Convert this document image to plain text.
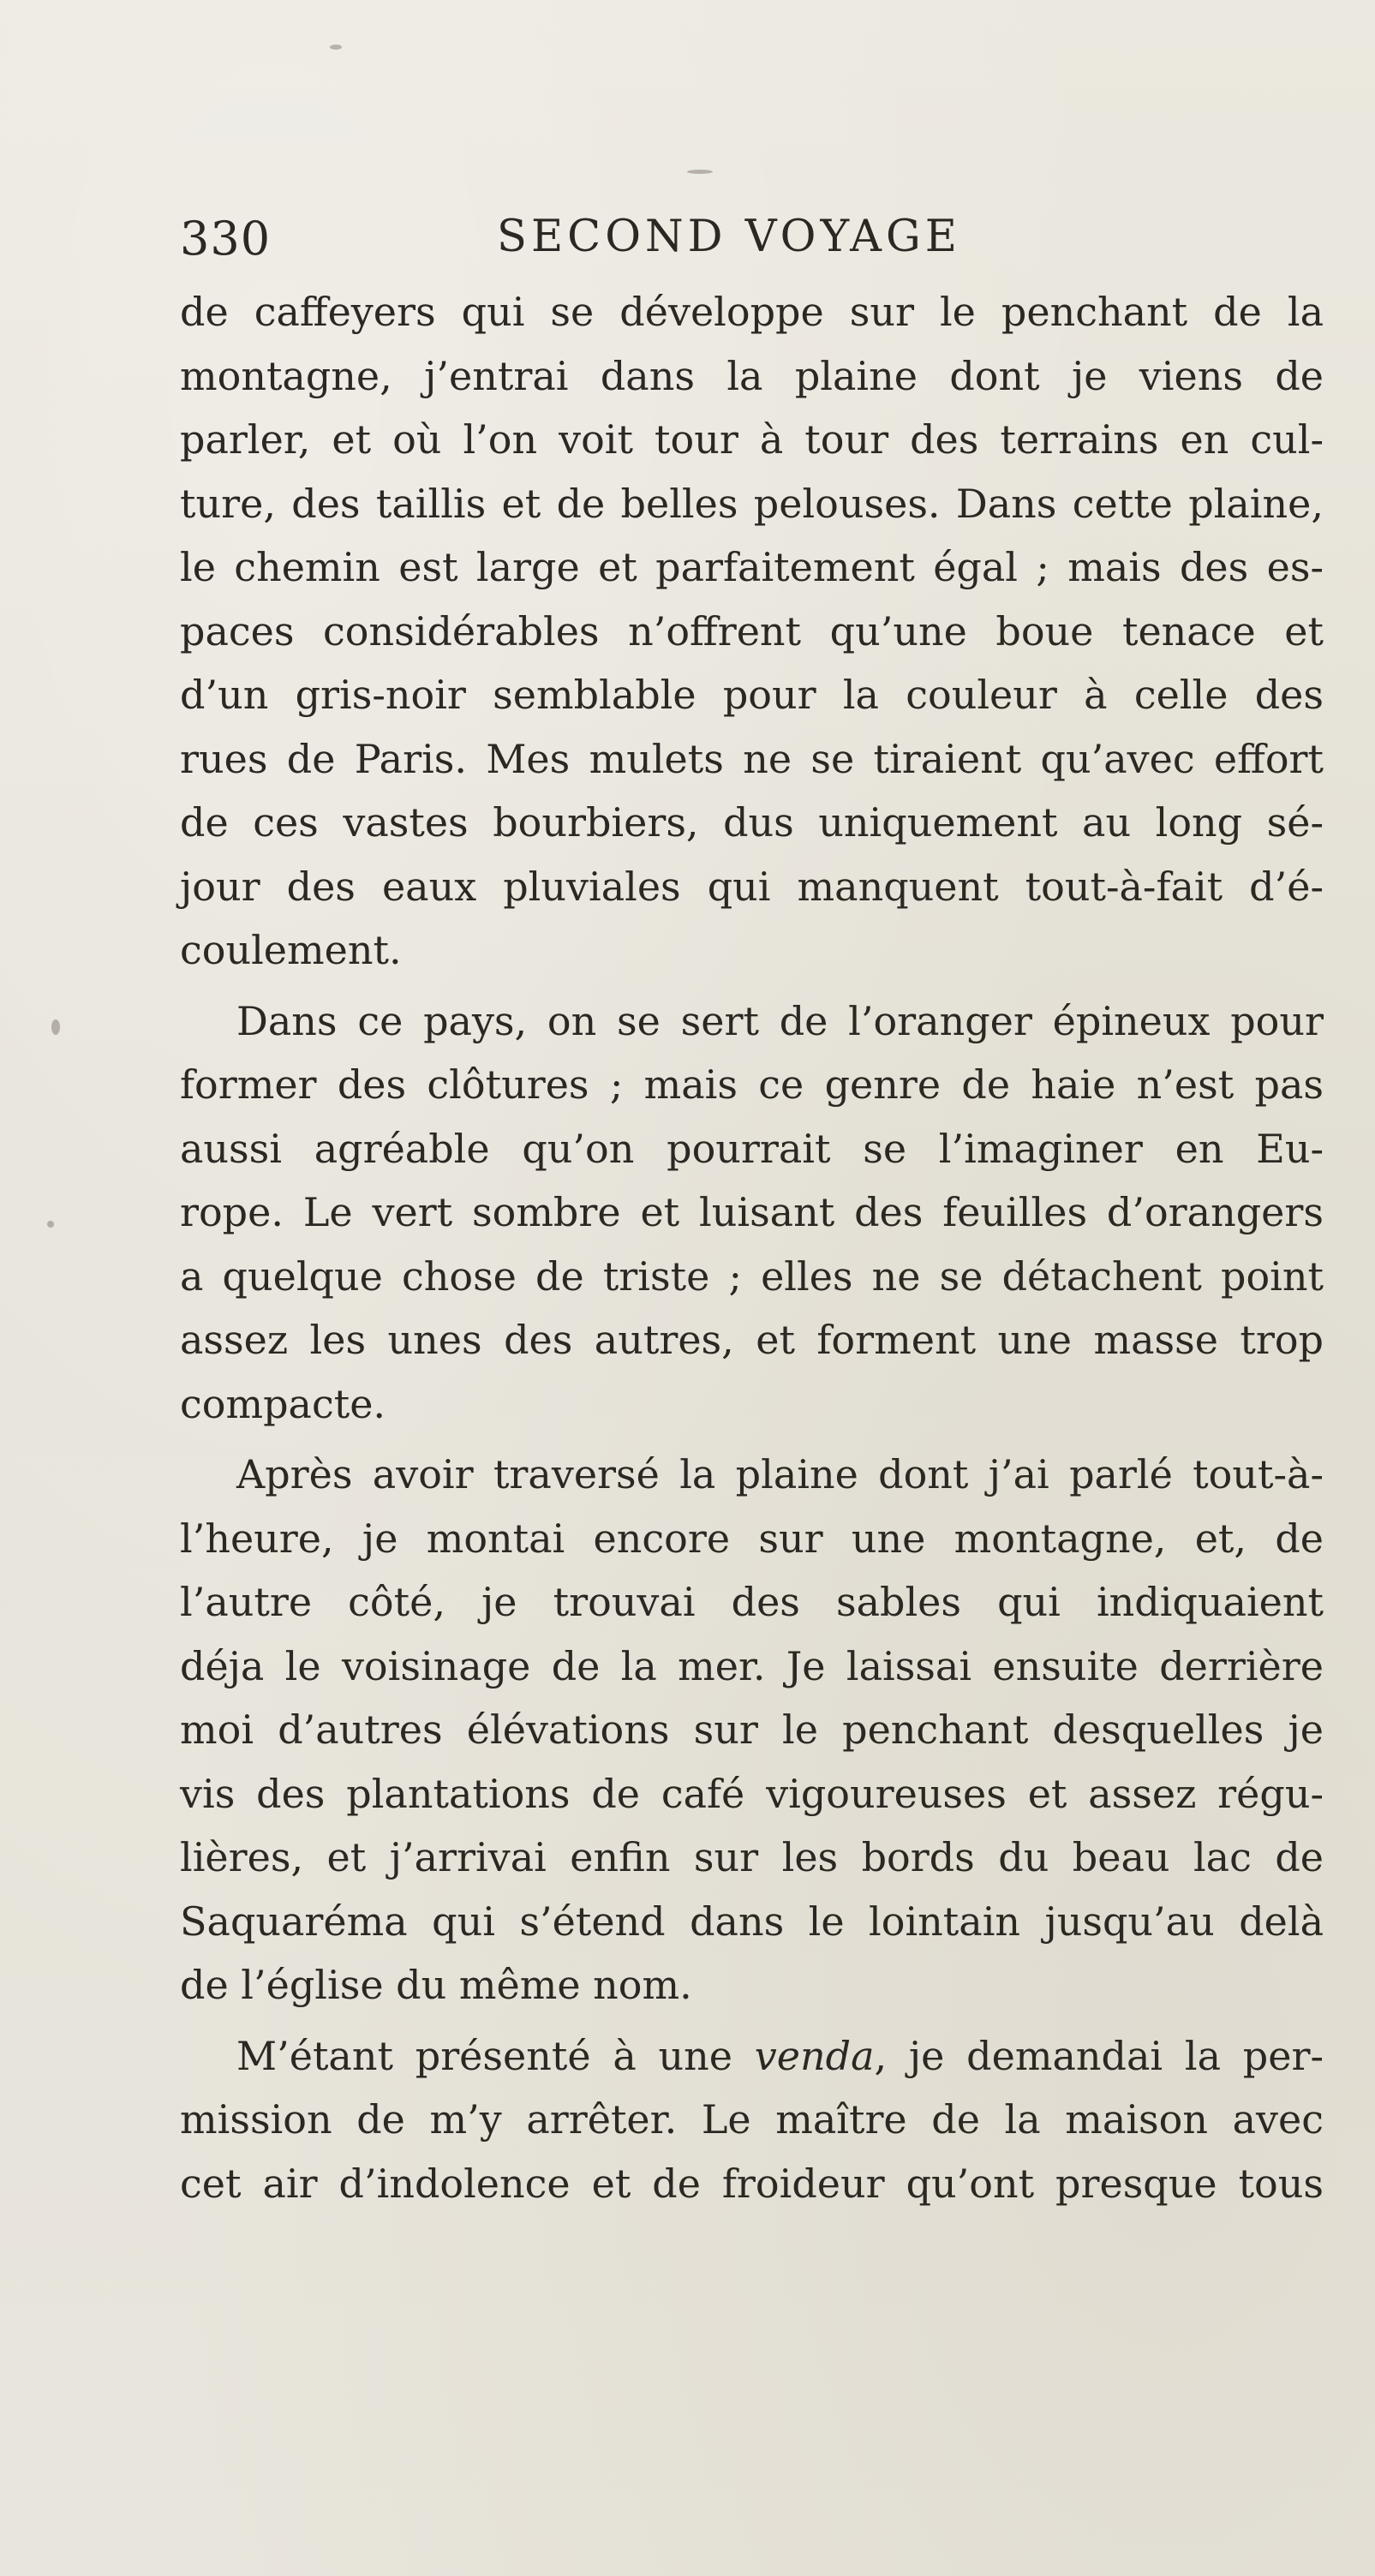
330	SECOND VOYAGE
de caffeyers qui se développe sur le penchant de la
montagne, j’entrai dans la plaine dont je viens de
parler, et où l’on voit tour à tour des terrains en cul-
ture, des taillis et de belles pelouses. Dans cette plaine,
le chemin est large et parfaitement égal ; mais des es-
paces considérables n’offrent qu’une boue tenace et
d’un gris-noir semblable pour la couleur à celle des
rues de Paris. Mes mulets ne se tiraient qu’avec effort
de ces vastes bourbiers, dus uniquement au long sé-
jour des eaux pluviales qui manquent tout-à-fait d’é-
coulement.
Dans ce pays, on se sert de l’oranger épineux pour
former des clôtures ; mais ce genre de haie n’est pas
aussi agréable qu’on pourrait se l’imaginer en Eu-
rope. Le vert sombre et luisant des feuilles d’orangers
a quelque chose de triste ; elles ne se détachent point
assez les unes des autres, et forment une masse trop
compacte.
Après avoir traversé la plaine dont j’ai parlé tout-à-
l’heure, je montai encore sur une montagne, et, de
l’autre côté, je trouvai des sables qui indiquaient
déja le voisinage de la mer. Je laissai ensuite derrière
moi d’autres élévations sur le penchant desquelles je
vis des plantations de café vigoureuses et assez régu-
lières, et j’arrivai enfin sur les bords du beau lac de
Saquaréma qui s’étend dans le lointain jusqu’au delà
de l’église du même nom.
M’étant présenté à une venda, je demandai la per-
mission de m’y arrêter. Le maître de la maison avec
cet air d’indolence et de froideur qu’ont presque tous
